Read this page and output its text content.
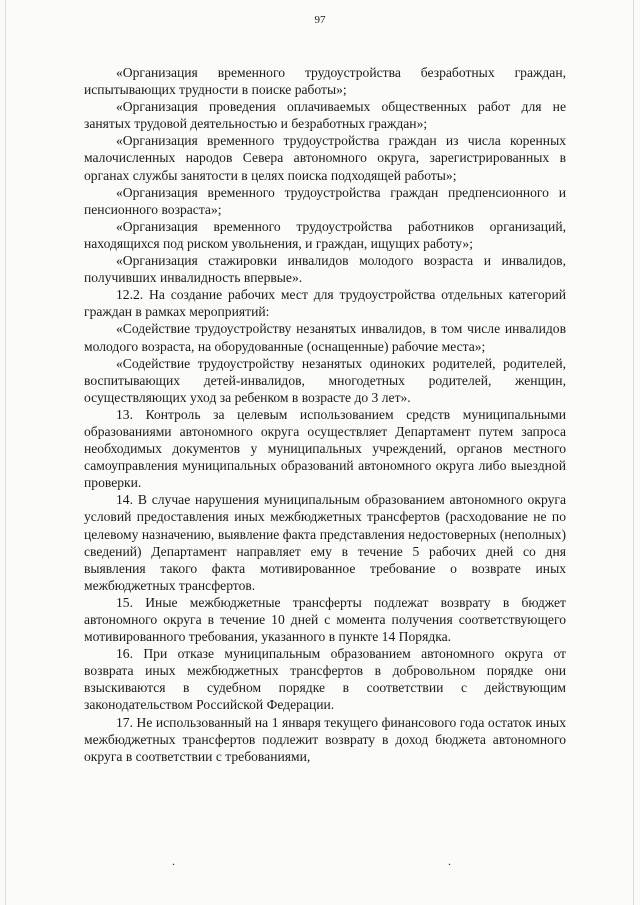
97

«Организация временного трудоустройства безработных граждан, испытывающих трудности в поиске работы»;

«Организация проведения оплачиваемых общественных работ для не занятых трудовой деятельностью и безработных граждан»;

«Организация временного трудоустройства граждан из числа коренных малочисленных народов Севера автономного округа, зарегистрированных в органах службы занятости в целях поиска подходящей работы»;

«Организация временного трудоустройства граждан предпенсионного и пенсионного возраста»;

«Организация временного трудоустройства работников организаций, находящихся под риском увольнения, и граждан, ищущих работу»;

«Организация стажировки инвалидов молодого возраста и инвалидов, получивших инвалидность впервые».

12.2. На создание рабочих мест для трудоустройства отдельных категорий граждан в рамках мероприятий:

«Содействие трудоустройству незанятых инвалидов, в том числе инвалидов молодого возраста, на оборудованные (оснащенные) рабочие места»;

«Содействие трудоустройству незанятых одиноких родителей, родителей, воспитывающих детей-инвалидов, многодетных родителей, женщин, осуществляющих уход за ребенком в возрасте до 3 лет».

13. Контроль за целевым использованием средств муниципальными образованиями автономного округа осуществляет Департамент путем запроса необходимых документов у муниципальных учреждений, органов местного самоуправления муниципальных образований автономного округа либо выездной проверки.

14. В случае нарушения муниципальным образованием автономного округа условий предоставления иных межбюджетных трансфертов (расходование не по целевому назначению, выявление факта представления недостоверных (неполных) сведений) Департамент направляет ему в течение 5 рабочих дней со дня выявления такого факта мотивированное требование о возврате иных межбюджетных трансфертов.

15. Иные межбюджетные трансферты подлежат возврату в бюджет автономного округа в течение 10 дней с момента получения соответствующего мотивированного требования, указанного в пункте 14 Порядка.

16. При отказе муниципальным образованием автономного округа от возврата иных межбюджетных трансфертов в добровольном порядке они взыскиваются в судебном порядке в соответствии с действующим законодательством Российской Федерации.

17. Не использованный на 1 января текущего финансового года остаток иных межбюджетных трансфертов подлежит возврату в доход бюджета автономного округа в соответствии с требованиями,

.	.
